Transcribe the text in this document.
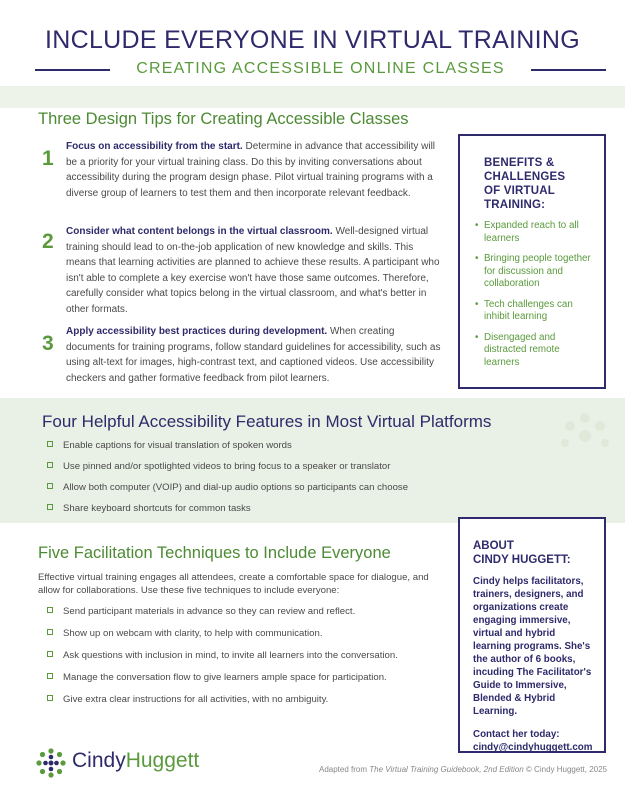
INCLUDE EVERYONE IN VIRTUAL TRAINING
CREATING ACCESSIBLE ONLINE CLASSES
Three Design Tips for Creating Accessible Classes
1
Focus on accessibility from the start. Determine in advance that accessibility will be a priority for your virtual training class. Do this by inviting conversations about accessibility during the program design phase. Pilot virtual training programs with a diverse group of learners to test them and then incorporate relevant feedback.
2 Consider what content belongs in the virtual classroom. Well-designed virtual training should lead to on-the-job application of new knowledge and skills. This means that learning activities are planned to achieve these results. A participant who isn't able to complete a key exercise won't have those same outcomes. Therefore, carefully consider what topics belong in the virtual classroom, and what's better in other formats.
3
Apply accessibility best practices during development. When creating documents for training programs, follow standard guidelines for accessibility, such as using alt-text for images, high-contrast text, and captioned videos. Use accessibility checkers and gather formative feedback from pilot learners.
BENEFITS &
CHALLENGES
OF VIRTUAL
TRAINING:
• Expanded reach to all learners
• Bringing people together for discussion and collaboration
• Tech challenges can inhibit learning
• Disengaged and distracted remote learners
Four Helpful Accessibility Features in Most Virtual Platforms
Enable captions for visual translation of spoken words
Use pinned and/or spotlighted videos to bring focus to a speaker or translator
Allow both computer (VOIP) and dial-up audio options so participants can choose
Share keyboard shortcuts for common tasks
Five Facilitation Techniques to Include Everyone
Effective virtual training engages all attendees, create a comfortable space for dialogue, and allow for collaborations. Use these five techniques to include everyone:
Send participant materials in advance so they can review and reflect.
Show up on webcam with clarity, to help with communication.
Ask questions with inclusion in mind, to invite all learners into the conversation.
Manage the conversation flow to give learners ample space for participation.
Give extra clear instructions for all activities, with no ambiguity.
ABOUT
CINDY HUGGETT:
Cindy helps facilitators, trainers, designers, and organizations create engaging immersive, virtual and hybrid learning programs. She's the author of 6 books, incuding The Facilitator's Guide to Immersive, Blended & Hybrid Learning.
Contact her today:
cindy@cindyhuggett.com
CindyHuggett	Adapted from The Virtual Training Guidebook, 2nd Edition © Cindy Huggett, 2025
